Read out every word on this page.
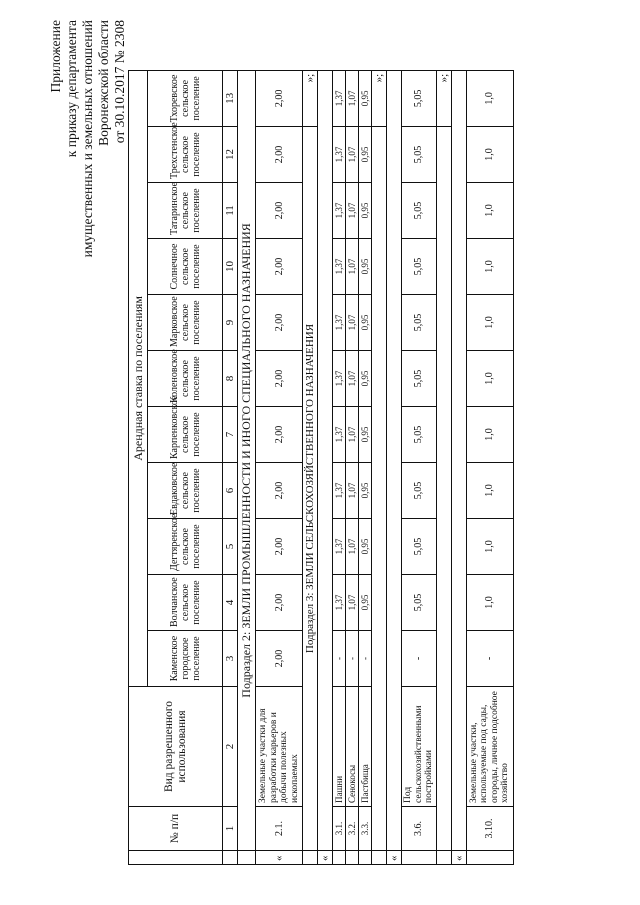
Приложение к приказу департамента имущественных и земельных отношений Воронежской области от 30.10.2017 № 2308
	№ п/п	Вид разрешенного использования	Арендная ставка по поселениям										
			Каменское городское поселение	Волчанское сельское поселение	Дегтяренское сельское поселение	Евдаковское сельское поселение	Карпенковское сельское поселение	Коленовское сельское поселение	Марковское сельское поселение	Солнечное сельское поселение	Татаринское сельское поселение	Трехстенское сельское поселение	Тхоревское сельское поселение
	1	2	3	4	5	6	7	8	9	10	11	12	13
	Подраздел 2: ЗЕМЛИ ПРОМЫШЛЕННОСТИ И ИНОГО СПЕЦИАЛЬНОГО НАЗНАЧЕНИЯ												
«	2.1.	Земельные участки для разработки карьеров и добычи полезных ископаемых	2,00	2,00	2,00	2,00	2,00	2,00	2,00	2,00	2,00	2,00	2,00
	Подраздел 3: ЗЕМЛИ СЕЛЬСКОХОЗЯЙСТВЕННОГО НАЗНАЧЕНИЯ												»;
«													
	3.1.	Пашни	-	1,37	1,37	1,37	1,37	1,37	1,37	1,37	1,37	1,37	1,37
	3.2.	Сенокосы	-	1,07	1,07	1,07	1,07	1,07	1,07	1,07	1,07	1,07	1,07
	3.3.	Пастбища	-	0,95	0,95	0,95	0,95	0,95	0,95	0,95	0,95	0,95	0,95
													»;
«													
	3.6.	Под сельскохозяйственными постройками	-	5,05	5,05	5,05	5,05	5,05	5,05	5,05	5,05	5,05	5,05
													»;
«													
	3.10.	Земельные участки, используемые под сады, огороды, личное подсобное хозяйство	-	1,0	1,0	1,0	1,0	1,0	1,0	1,0	1,0	1,0	1,0
